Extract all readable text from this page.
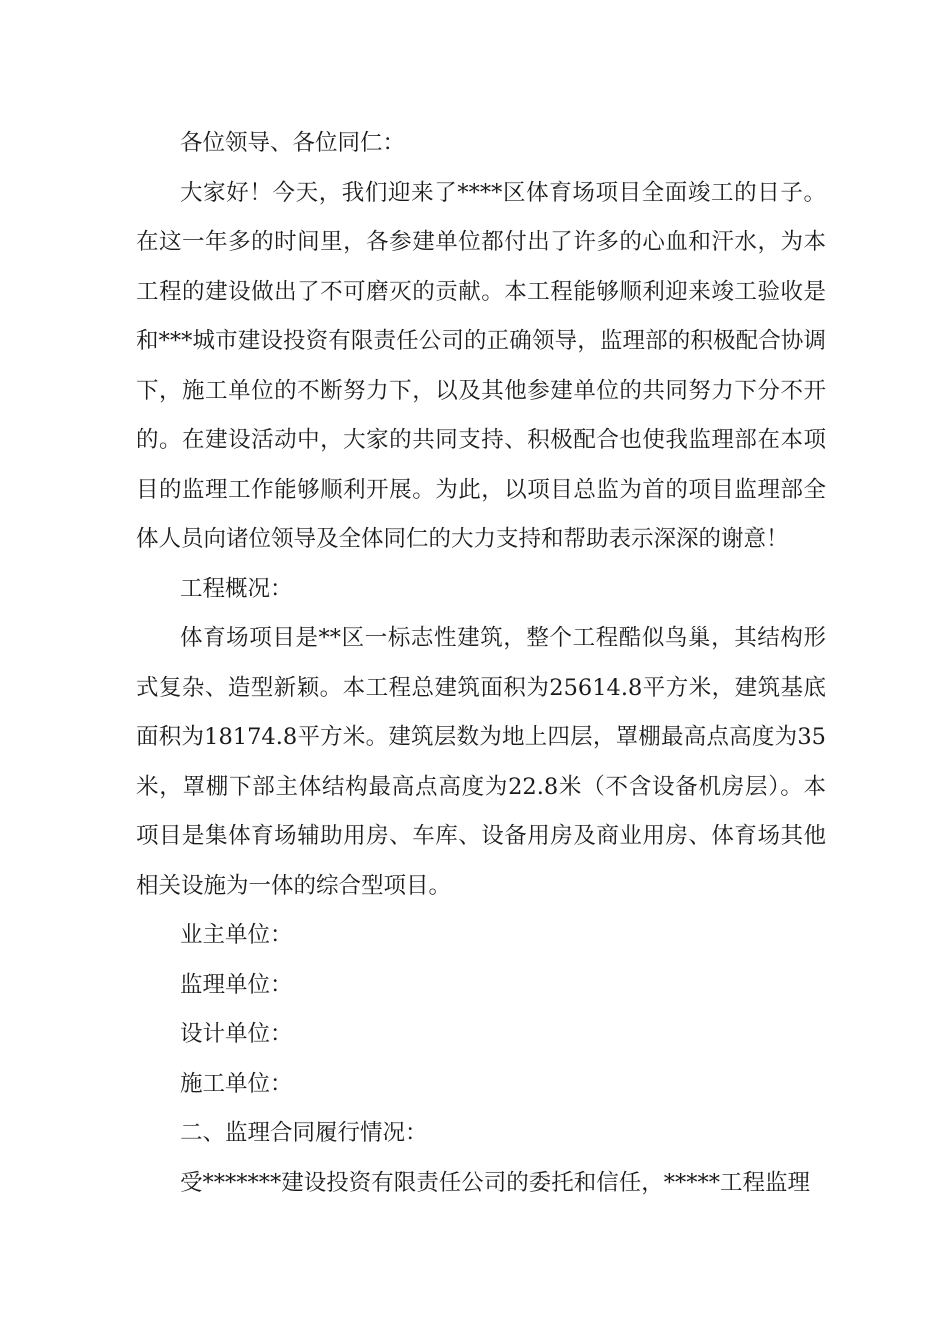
各位领导、各位同仁：

大家好！今天，我们迎来了****区体育场项目全面竣工的日子。在这一年多的时间里，各参建单位都付出了许多的心血和汗水，为本工程的建设做出了不可磨灭的贡献。本工程能够顺利迎来竣工验收是和***城市建设投资有限责任公司的正确领导，监理部的积极配合协调下，施工单位的不断努力下，以及其他参建单位的共同努力下分不开的。在建设活动中，大家的共同支持、积极配合也使我监理部在本项目的监理工作能够顺利开展。为此，以项目总监为首的项目监理部全体人员向诸位领导及全体同仁的大力支持和帮助表示深深的谢意！

工程概况：

体育场项目是**区一标志性建筑，整个工程酷似鸟巢，其结构形式复杂、造型新颖。本工程总建筑面积为25614.8平方米，建筑基底面积为18174.8平方米。建筑层数为地上四层，罩棚最高点高度为35米，罩棚下部主体结构最高点高度为22.8米（不含设备机房层）。本项目是集体育场辅助用房、车库、设备用房及商业用房、体育场其他相关设施为一体的综合型项目。

业主单位：

监理单位：

设计单位：

施工单位：

二、监理合同履行情况：

受*******建设投资有限责任公司的委托和信任，*****工程监理
